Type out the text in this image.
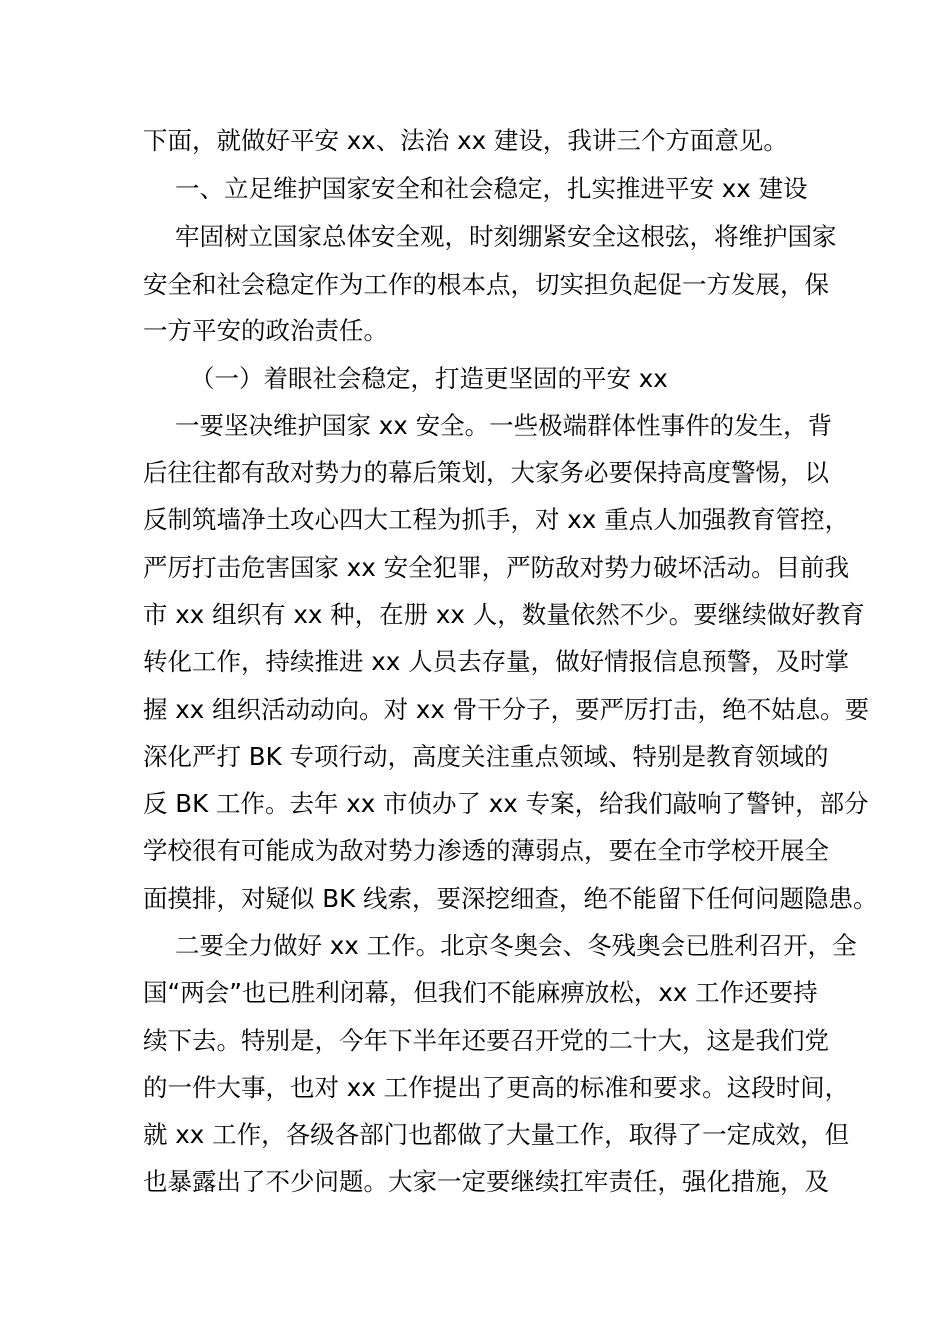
下面，就做好平安 xx、法治 xx 建设，我讲三个方面意见。
一、立足维护国家安全和社会稳定，扎实推进平安 xx 建设
牢固树立国家总体安全观，时刻绷紧安全这根弦，将维护国家
安全和社会稳定作为工作的根本点，切实担负起促一方发展，保
一方平安的政治责任。
（一）着眼社会稳定，打造更坚固的平安 xx
一要坚决维护国家 xx 安全。一些极端群体性事件的发生，背
后往往都有敌对势力的幕后策划，大家务必要保持高度警惕，以
反制筑墙净土攻心四大工程为抓手，对 xx 重点人加强教育管控，
严厉打击危害国家 xx 安全犯罪，严防敌对势力破坏活动。目前我
市 xx 组织有 xx 种，在册 xx 人，数量依然不少。要继续做好教育
转化工作，持续推进 xx 人员去存量，做好情报信息预警，及时掌
握 xx 组织活动动向。对 xx 骨干分子，要严厉打击，绝不姑息。要
深化严打 BK 专项行动，高度关注重点领域、特别是教育领域的
反 BK 工作。去年 xx 市侦办了 xx 专案，给我们敲响了警钟，部分
学校很有可能成为敌对势力渗透的薄弱点，要在全市学校开展全
面摸排，对疑似 BK 线索，要深挖细查，绝不能留下任何问题隐患。
二要全力做好 xx 工作。北京冬奥会、冬残奥会已胜利召开，全
国“两会”也已胜利闭幕，但我们不能麻痹放松，xx 工作还要持
续下去。特别是，今年下半年还要召开党的二十大，这是我们党
的一件大事，也对 xx 工作提出了更高的标准和要求。这段时间，
就 xx 工作，各级各部门也都做了大量工作，取得了一定成效，但
也暴露出了不少问题。大家一定要继续扛牢责任，强化措施，及
